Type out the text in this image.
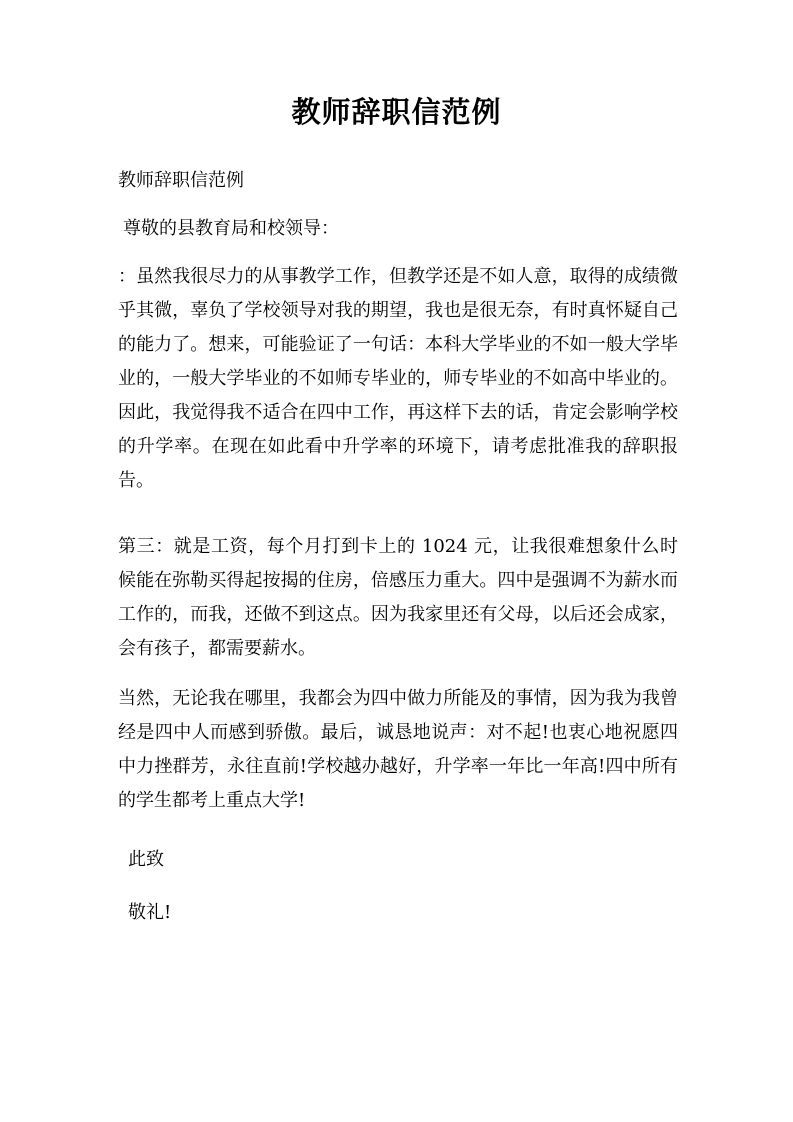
教师辞职信范例
教师辞职信范例
尊敬的县教育局和校领导：
：虽然我很尽力的从事教学工作，但教学还是不如人意，取得的成绩微乎其微，辜负了学校领导对我的期望，我也是很无奈，有时真怀疑自己的能力了。想来，可能验证了一句话：本科大学毕业的不如一般大学毕业的，一般大学毕业的不如师专毕业的，师专毕业的不如高中毕业的。因此，我觉得我不适合在四中工作，再这样下去的话，肯定会影响学校的升学率。在现在如此看中升学率的环境下，请考虑批准我的辞职报告。
第三：就是工资，每个月打到卡上的 1024 元，让我很难想象什么时候能在弥勒买得起按揭的住房，倍感压力重大。四中是强调不为薪水而工作的，而我，还做不到这点。因为我家里还有父母，以后还会成家，会有孩子，都需要薪水。
当然，无论我在哪里，我都会为四中做力所能及的事情，因为我为我曾经是四中人而感到骄傲。最后，诚恳地说声：对不起!也衷心地祝愿四中力挫群芳，永往直前!学校越办越好，升学率一年比一年高!四中所有的学生都考上重点大学!
此致
敬礼!
